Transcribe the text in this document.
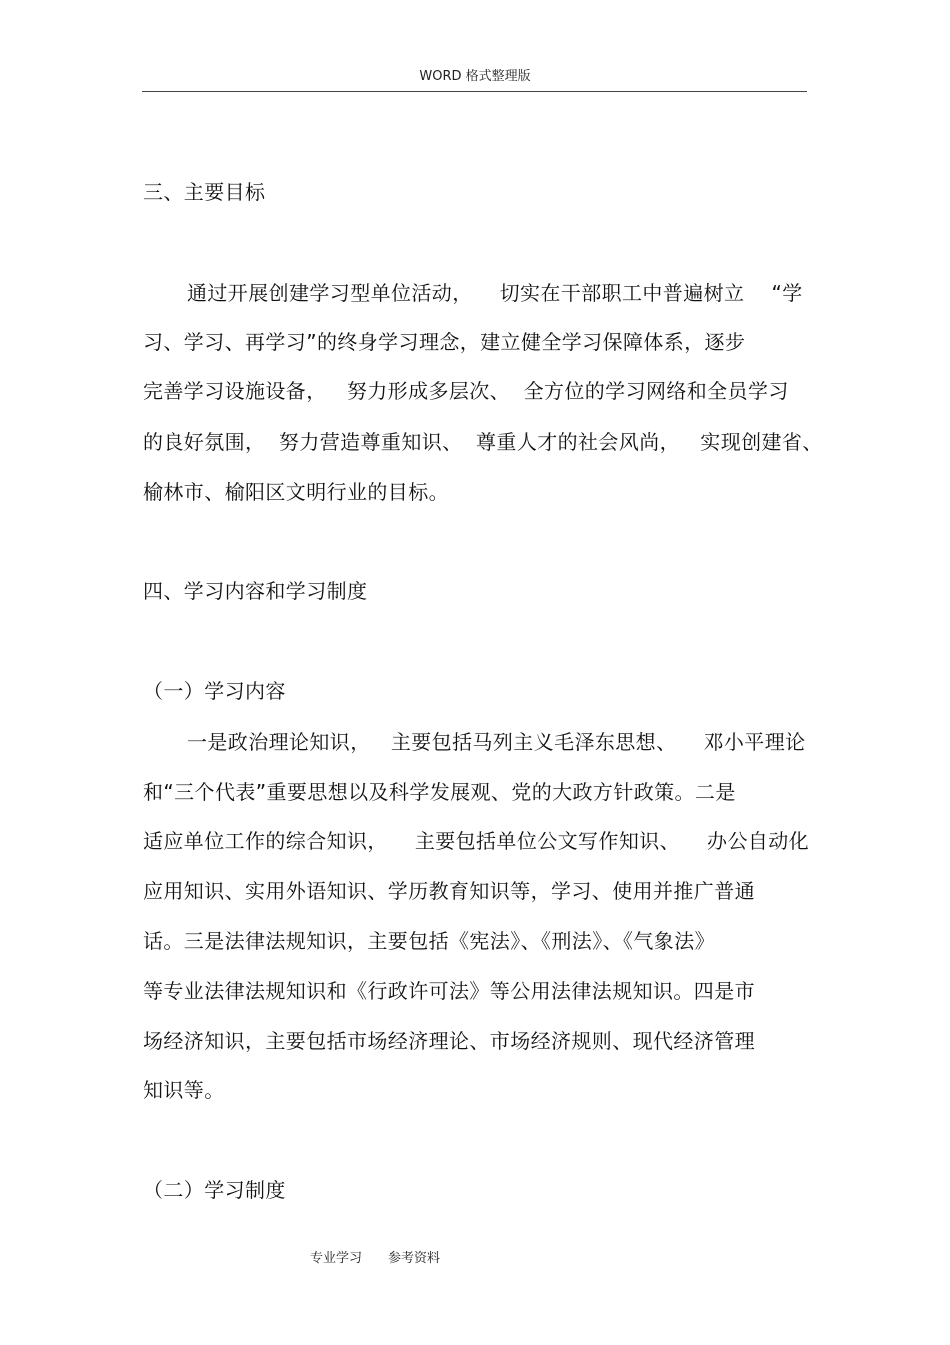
WORD 格式整理版
三、主要目标
通过开展创建学习型单位活动，    切实在干部职工中普遍树立    “学
习、学习、再学习”的终身学习理念，建立健全学习保障体系，逐步
完善学习设施设备，   努力形成多层次、  全方位的学习网络和全员学习
的良好氛围，  努力营造尊重知识、  尊重人才的社会风尚，   实现创建省、
榆林市、榆阳区文明行业的目标。
四、学习内容和学习制度
（一）学习内容
一是政治理论知识，   主要包括马列主义毛泽东思想、    邓小平理论
和“三个代表”重要思想以及科学发展观、党的大政方针政策。二是
适应单位工作的综合知识，    主要包括单位公文写作知识、    办公自动化
应用知识、实用外语知识、学历教育知识等，学习、使用并推广普通
话。三是法律法规知识，主要包括《宪法》、《刑法》、《气象法》
等专业法律法规知识和《行政许可法》等公用法律法规知识。四是市
场经济知识，主要包括市场经济理论、市场经济规则、现代经济管理
知识等。
（二）学习制度
专业学习 参考资料
